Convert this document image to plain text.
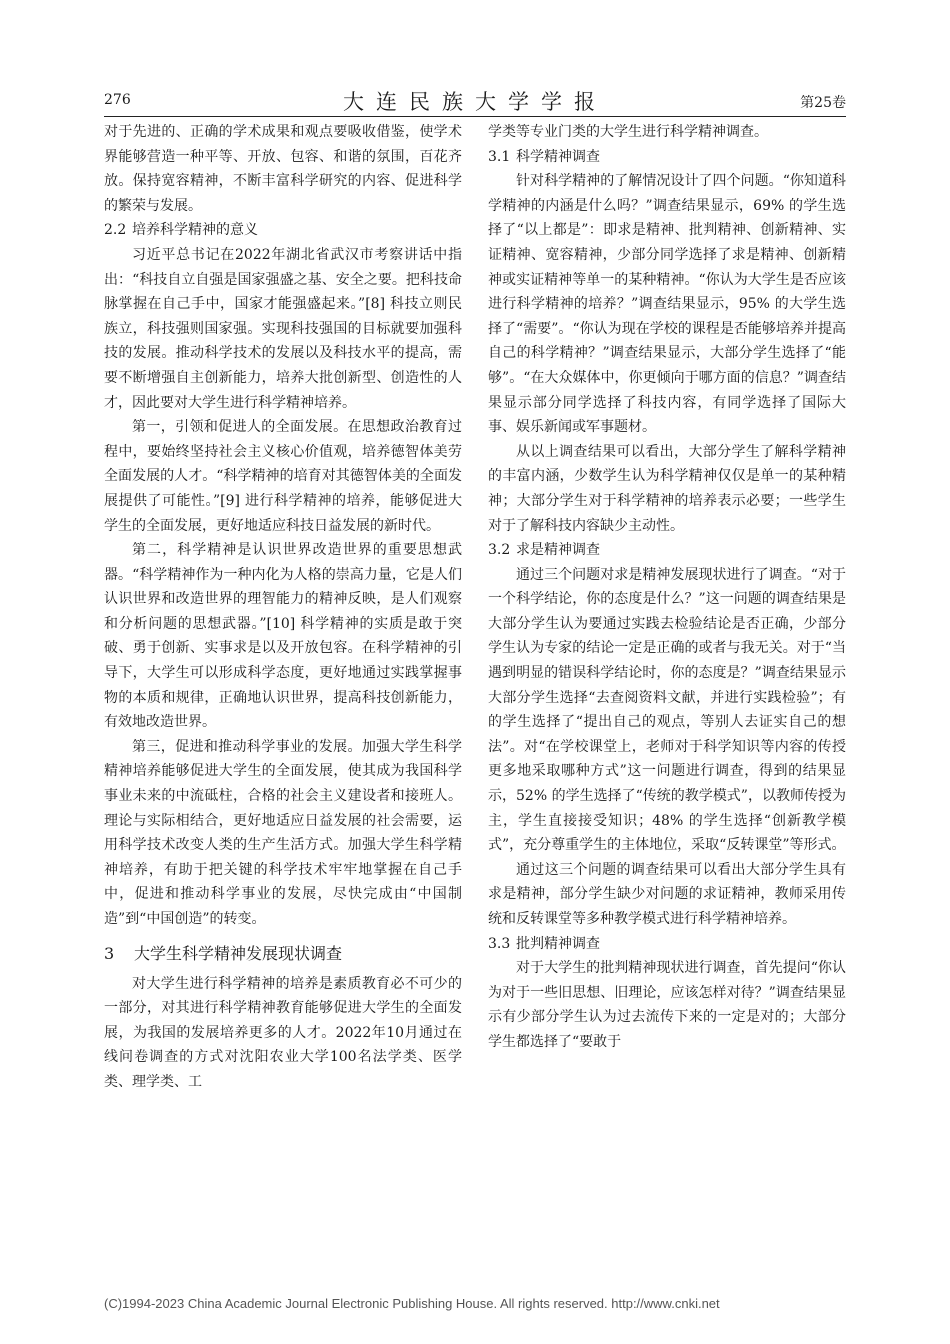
276	大连民族大学学报	第25卷

对于先进的、正确的学术成果和观点要吸收借鉴，使学术界能够营造一种平等、开放、包容、和谐的氛围，百花齐放。保持宽容精神，不断丰富科学研究的内容、促进科学的繁荣与发展。

2.2 培养科学精神的意义

习近平总书记在2022年湖北省武汉市考察讲话中指出：“科技自立自强是国家强盛之基、安全之要。把科技命脉掌握在自己手中，国家才能强盛起来。”[8] 科技立则民族立，科技强则国家强。实现科技强国的目标就要加强科技的发展。推动科学技术的发展以及科技水平的提高，需要不断增强自主创新能力，培养大批创新型、创造性的人才，因此要对大学生进行科学精神培养。

第一，引领和促进人的全面发展。在思想政治教育过程中，要始终坚持社会主义核心价值观，培养德智体美劳全面发展的人才。“科学精神的培育对其德智体美的全面发展提供了可能性。”[9] 进行科学精神的培养，能够促进大学生的全面发展，更好地适应科技日益发展的新时代。

第二，科学精神是认识世界改造世界的重要思想武器。“科学精神作为一种内化为人格的崇高力量，它是人们认识世界和改造世界的理智能力的精神反映，是人们观察和分析问题的思想武器。”[10] 科学精神的实质是敢于突破、勇于创新、实事求是以及开放包容。在科学精神的引导下，大学生可以形成科学态度，更好地通过实践掌握事物的本质和规律，正确地认识世界，提高科技创新能力，有效地改造世界。

第三，促进和推动科学事业的发展。加强大学生科学精神培养能够促进大学生的全面发展，使其成为我国科学事业未来的中流砥柱，合格的社会主义建设者和接班人。理论与实际相结合，更好地适应日益发展的社会需要，运用科学技术改变人类的生产生活方式。加强大学生科学精神培养，有助于把关键的科学技术牢牢地掌握在自己手中，促进和推动科学事业的发展，尽快完成由“中国制造”到“中国创造”的转变。

3 大学生科学精神发展现状调查

对大学生进行科学精神的培养是素质教育必不可少的一部分，对其进行科学精神教育能够促进大学生的全面发展，为我国的发展培养更多的人才。2022年10月通过在线问卷调查的方式对沈阳农业大学100名法学类、医学类、理学类、工

学类等专业门类的大学生进行科学精神调查。

3.1 科学精神调查

针对科学精神的了解情况设计了四个问题。“你知道科学精神的内涵是什么吗？”调查结果显示，69% 的学生选择了“以上都是”：即求是精神、批判精神、创新精神、实证精神、宽容精神，少部分同学选择了求是精神、创新精神或实证精神等单一的某种精神。“你认为大学生是否应该进行科学精神的培养？”调查结果显示，95% 的大学生选择了“需要”。“你认为现在学校的课程是否能够培养并提高自己的科学精神？”调查结果显示，大部分学生选择了“能够”。“在大众媒体中，你更倾向于哪方面的信息？”调查结果显示部分同学选择了科技内容，有同学选择了国际大事、娱乐新闻或军事题材。

从以上调查结果可以看出，大部分学生了解科学精神的丰富内涵，少数学生认为科学精神仅仅是单一的某种精神；大部分学生对于科学精神的培养表示必要；一些学生对于了解科技内容缺少主动性。

3.2 求是精神调查

通过三个问题对求是精神发展现状进行了调查。“对于一个科学结论，你的态度是什么？”这一问题的调查结果是大部分学生认为要通过实践去检验结论是否正确，少部分学生认为专家的结论一定是正确的或者与我无关。对于“当遇到明显的错误科学结论时，你的态度是？”调查结果显示大部分学生选择“去查阅资料文献，并进行实践检验”；有的学生选择了“提出自己的观点，等别人去证实自己的想法”。对“在学校课堂上，老师对于科学知识等内容的传授更多地采取哪种方式”这一问题进行调查，得到的结果显示，52% 的学生选择了“传统的教学模式”，以教师传授为主，学生直接接受知识；48% 的学生选择“创新教学模式”，充分尊重学生的主体地位，采取“反转课堂”等形式。

通过这三个问题的调查结果可以看出大部分学生具有求是精神，部分学生缺少对问题的求证精神，教师采用传统和反转课堂等多种教学模式进行科学精神培养。

3.3 批判精神调查

对于大学生的批判精神现状进行调查，首先提问“你认为对于一些旧思想、旧理论，应该怎样对待？”调查结果显示有少部分学生认为过去流传下来的一定是对的；大部分学生都选择了“要敢于

(C)1994-2023 China Academic Journal Electronic Publishing House. All rights reserved. http://www.cnki.net
